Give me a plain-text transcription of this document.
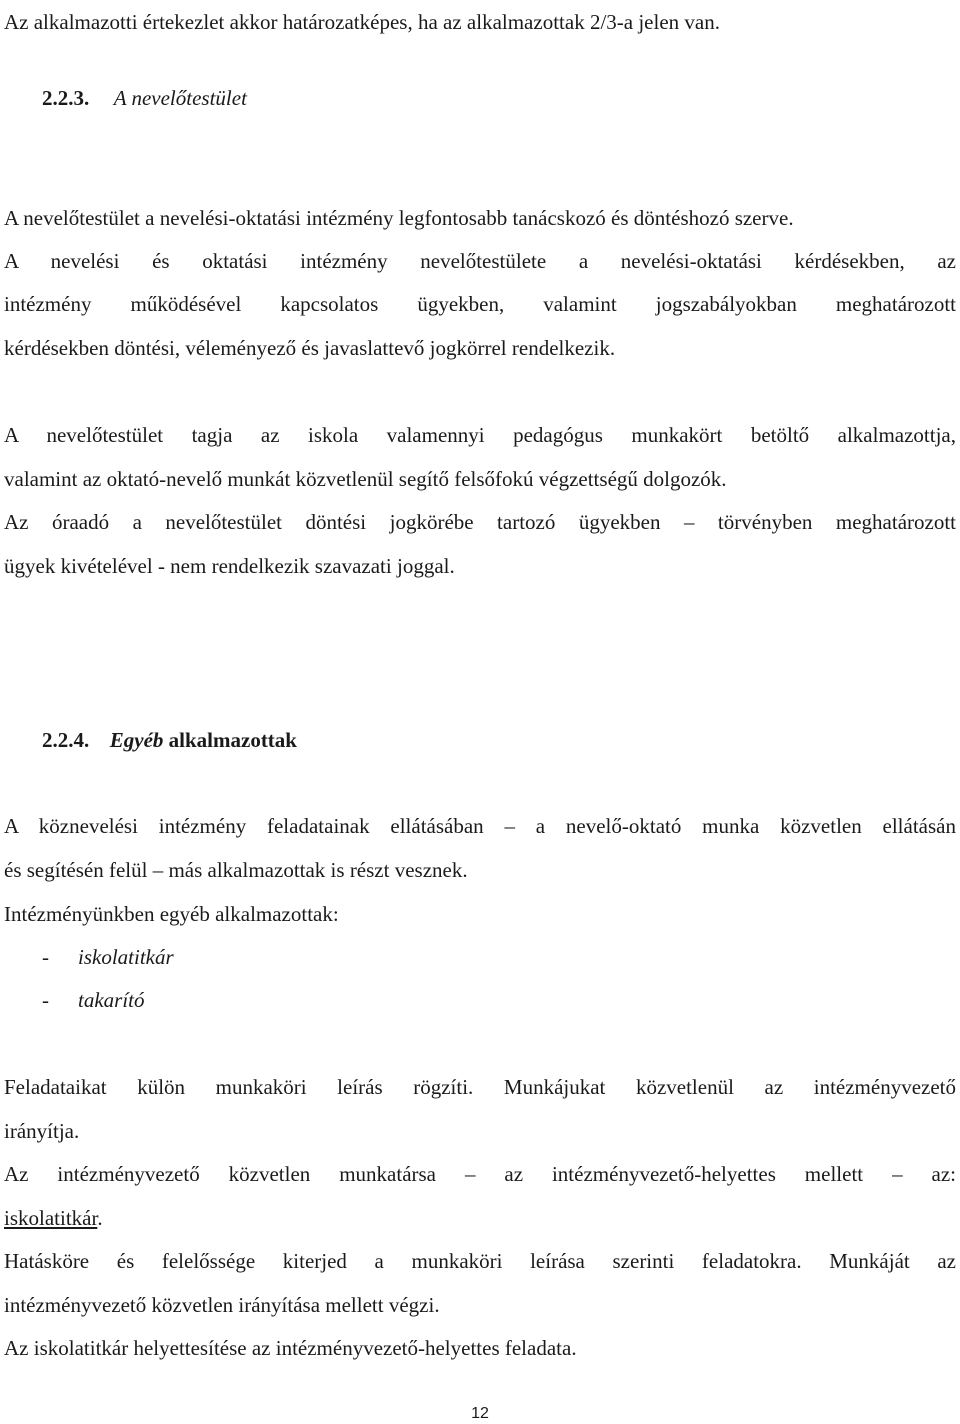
Az alkalmazotti értekezlet akkor határozatképes, ha az alkalmazottak 2/3-a jelen van.
2.2.3. A nevelőtestület
A nevelőtestület a nevelési-oktatási intézmény legfontosabb tanácskozó és döntéshozó szerve.
A nevelési és oktatási intézmény nevelőtestülete a nevelési-oktatási kérdésekben, az
intézmény működésével kapcsolatos ügyekben, valamint jogszabályokban meghatározott
kérdésekben döntési, véleményező és javaslattevő jogkörrel rendelkezik.
A nevelőtestület tagja az iskola valamennyi pedagógus munkakört betöltő alkalmazottja,
valamint az oktató-nevelő munkát közvetlenül segítő felsőfokú végzettségű dolgozók.
Az óraadó a nevelőtestület döntési jogkörébe tartozó ügyekben – törvényben meghatározott
ügyek kivételével - nem rendelkezik szavazati joggal.
2.2.4. Egyéb alkalmazottak
A köznevelési intézmény feladatainak ellátásában – a nevelő-oktató munka közvetlen ellátásán
és segítésén felül – más alkalmazottak is részt vesznek.
Intézményünkben egyéb alkalmazottak:
- iskolatitkár
- takarító
Feladataikat külön munkaköri leírás rögzíti. Munkájukat közvetlenül az intézményvezető
irányítja.
Az intézményvezető közvetlen munkatársa – az intézményvezető-helyettes mellett – az:
iskolatitkár.
Hatásköre és felelőssége kiterjed a munkaköri leírása szerinti feladatokra. Munkáját az
intézményvezető közvetlen irányítása mellett végzi.
Az iskolatitkár helyettesítése az intézményvezető-helyettes feladata.
12
